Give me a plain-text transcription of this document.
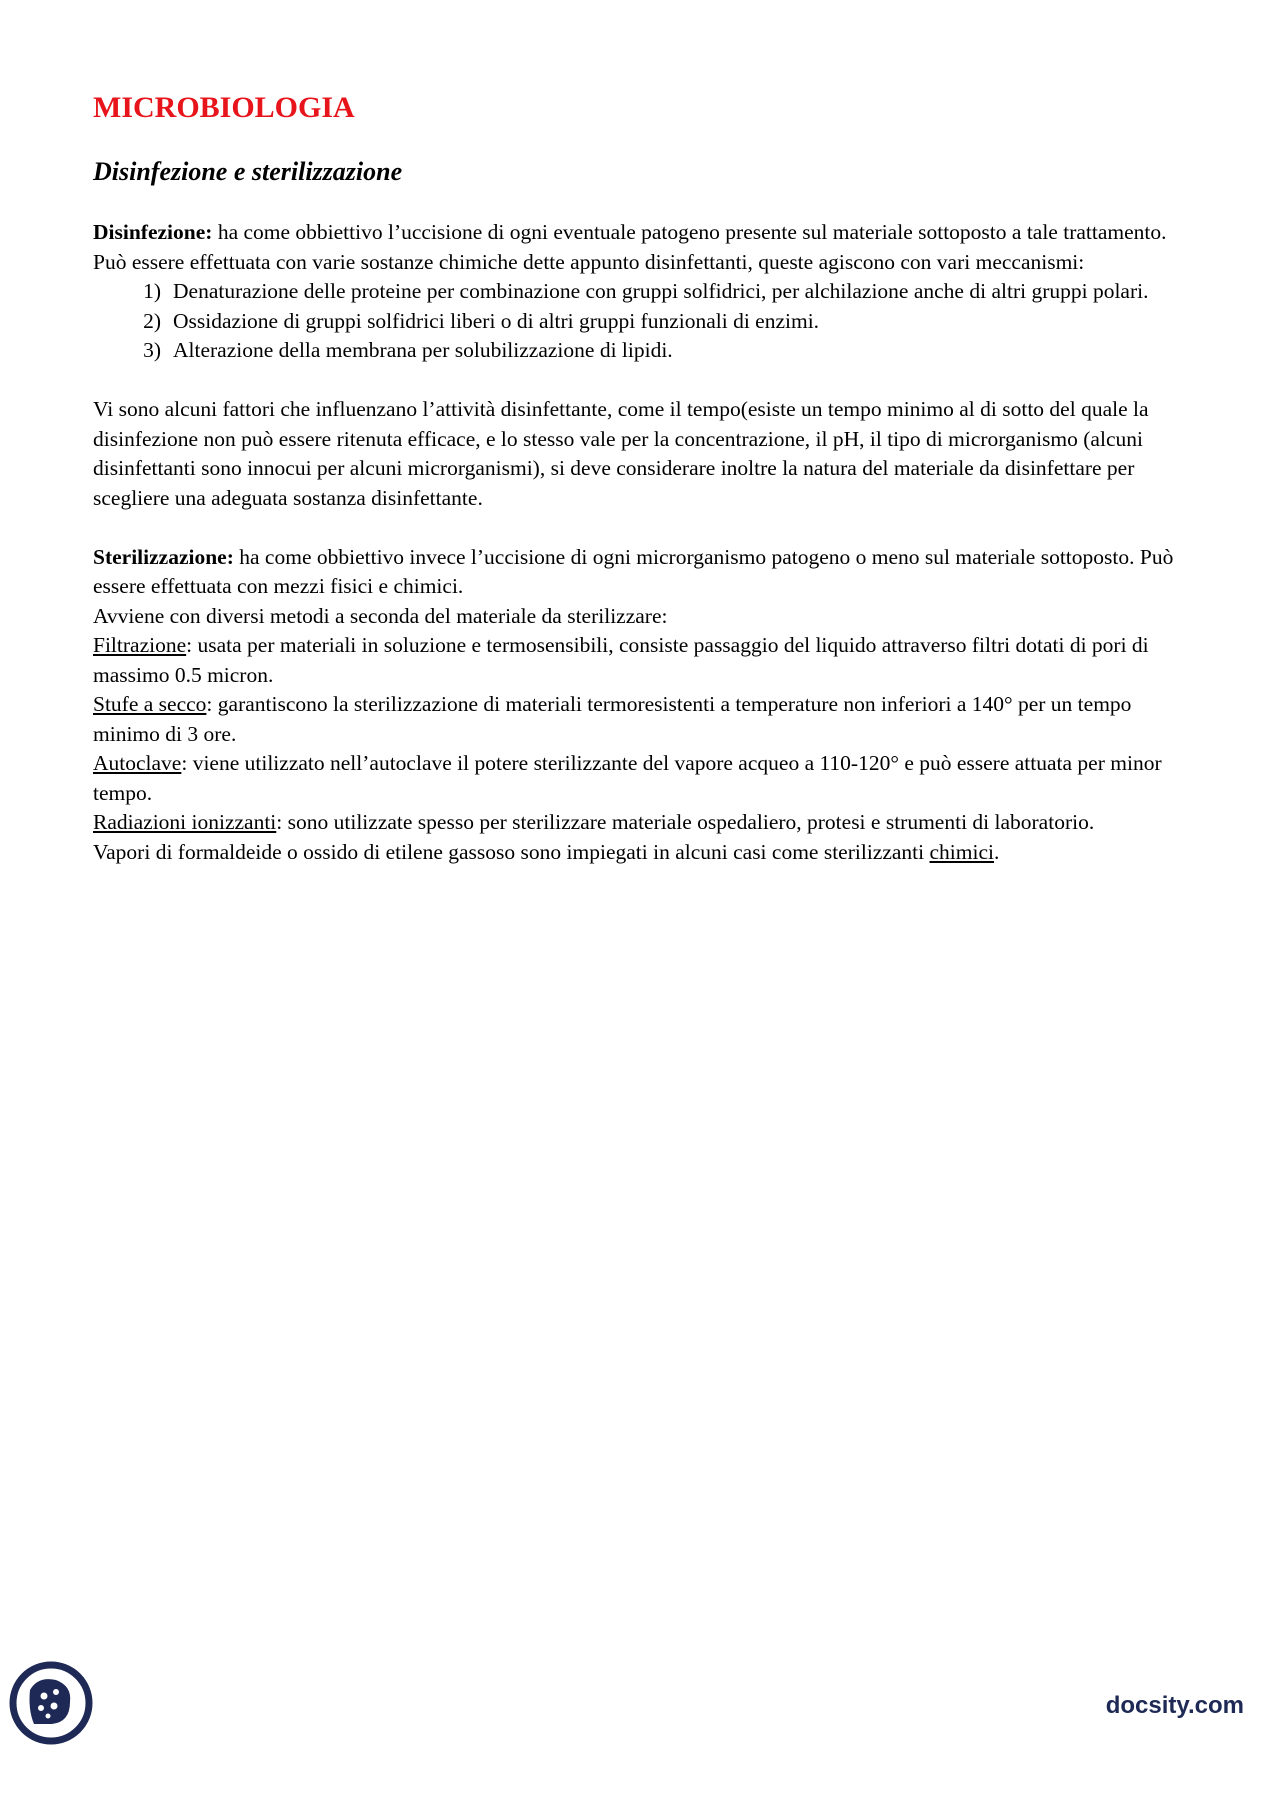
MICROBIOLOGIA
Disinfezione e sterilizzazione

Disinfezione: ha come obbiettivo l’uccisione di ogni eventuale patogeno presente sul materiale sottoposto a tale trattamento.

Può essere effettuata con varie sostanze chimiche dette appunto disinfettanti, queste agiscono con vari meccanismi:

1) Denaturazione delle proteine per combinazione con gruppi solfidrici, per alchilazione anche di altri gruppi polari.
2) Ossidazione di gruppi solfidrici liberi o di altri gruppi funzionali di enzimi.
3) Alterazione della membrana per solubilizzazione di lipidi.

Vi sono alcuni fattori che influenzano l’attività disinfettante, come il tempo(esiste un tempo minimo al di sotto del quale la disinfezione non può essere ritenuta efficace, e lo stesso vale per la concentrazione, il pH, il tipo di microrganismo (alcuni disinfettanti sono innocui per alcuni microrganismi), si deve considerare inoltre la natura del materiale da disinfettare per scegliere una adeguata sostanza disinfettante.

Sterilizzazione: ha come obbiettivo invece l’uccisione di ogni microrganismo patogeno o meno sul materiale sottoposto. Può essere effettuata con mezzi fisici e chimici.

Avviene con diversi metodi a seconda del materiale da sterilizzare:

Filtrazione: usata per materiali in soluzione e termosensibili, consiste passaggio del liquido attraverso filtri dotati di pori di massimo 0.5 micron.

Stufe a secco: garantiscono la sterilizzazione di materiali termoresistenti a temperature non inferiori a 140° per un tempo minimo di 3 ore.

Autoclave: viene utilizzato nell’autoclave il potere sterilizzante del vapore acqueo a 110-120° e può essere attuata per minor tempo.

Radiazioni ionizzanti: sono utilizzate spesso per sterilizzare materiale ospedaliero, protesi e strumenti di laboratorio.

Vapori di formaldeide o ossido di etilene gassoso sono impiegati in alcuni casi come sterilizzanti chimici.

docsity.com
